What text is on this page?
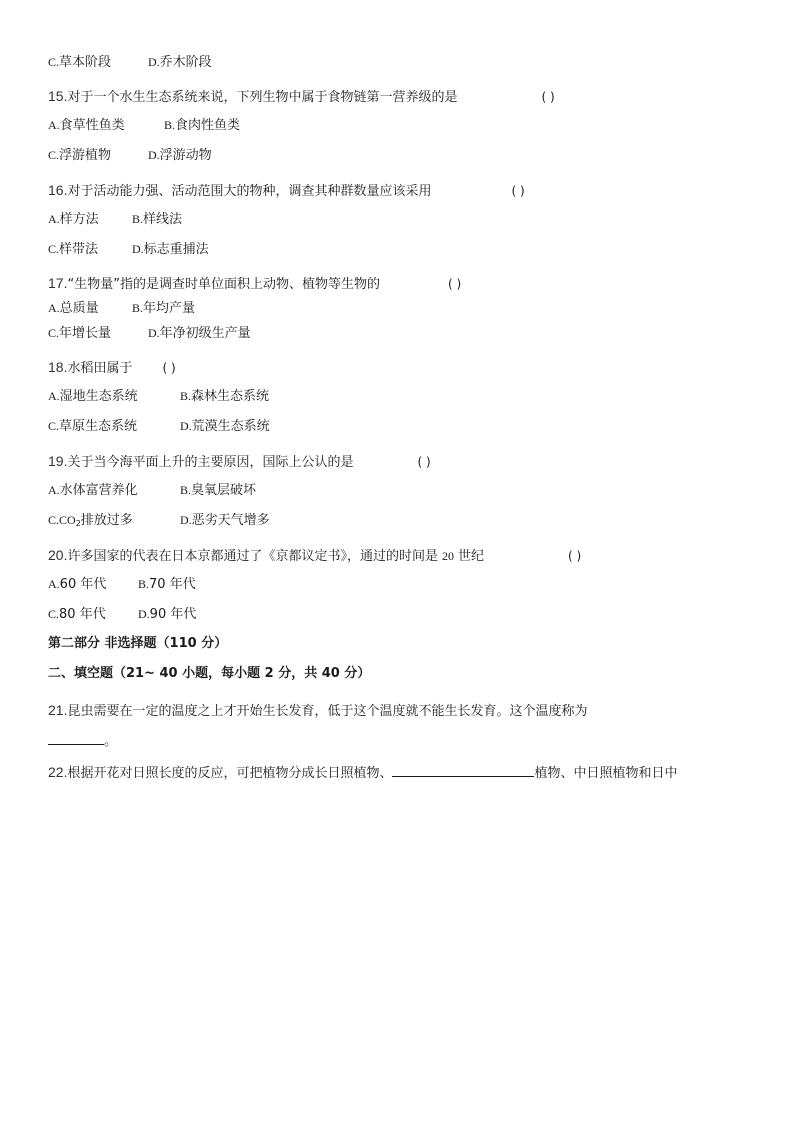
C.草本阶段	D.乔木阶段
15.对于一个水生生态系统来说，下列生物中属于食物链第一营养级的是	( )
A.食草性鱼类	B.食肉性鱼类
C.浮游植物	D.浮游动物
16.对于活动能力强、活动范围大的物种，调查其种群数量应该采用	( )
A.样方法	B.样线法
C.样带法	D.标志重捕法
17.“生物量”指的是调查时单位面积上动物、植物等生物的	( )
A.总质量	B.年均产量
C.年增长量	D.年净初级生产量
18.水稻田属于	( )
A.湿地生态系统	B.森林生态系统
C.草原生态系统	D.荒漠生态系统
19.关于当今海平面上升的主要原因，国际上公认的是	( )
A.水体富营养化	B.臭氧层破坏
$C.CO_2$排放过多	D.恶劣天气增多
20.许多国家的代表在日本京都通过了《京都议定书》，通过的时间是 20 世纪	( )
A.60 年代	B.70 年代
C.80 年代	D.90 年代
第二部分 非选择题（110 分）
二、填空题（21~ 40 小题，每小题 2 分，共 40 分）
21.昆虫需要在一定的温度之上才开始生长发育，低于这个温度就不能生长发育。这个温度称为
。
22.根据开花对日照长度的反应，可把植物分成长日照植物、	植物、中日照植物和日中
